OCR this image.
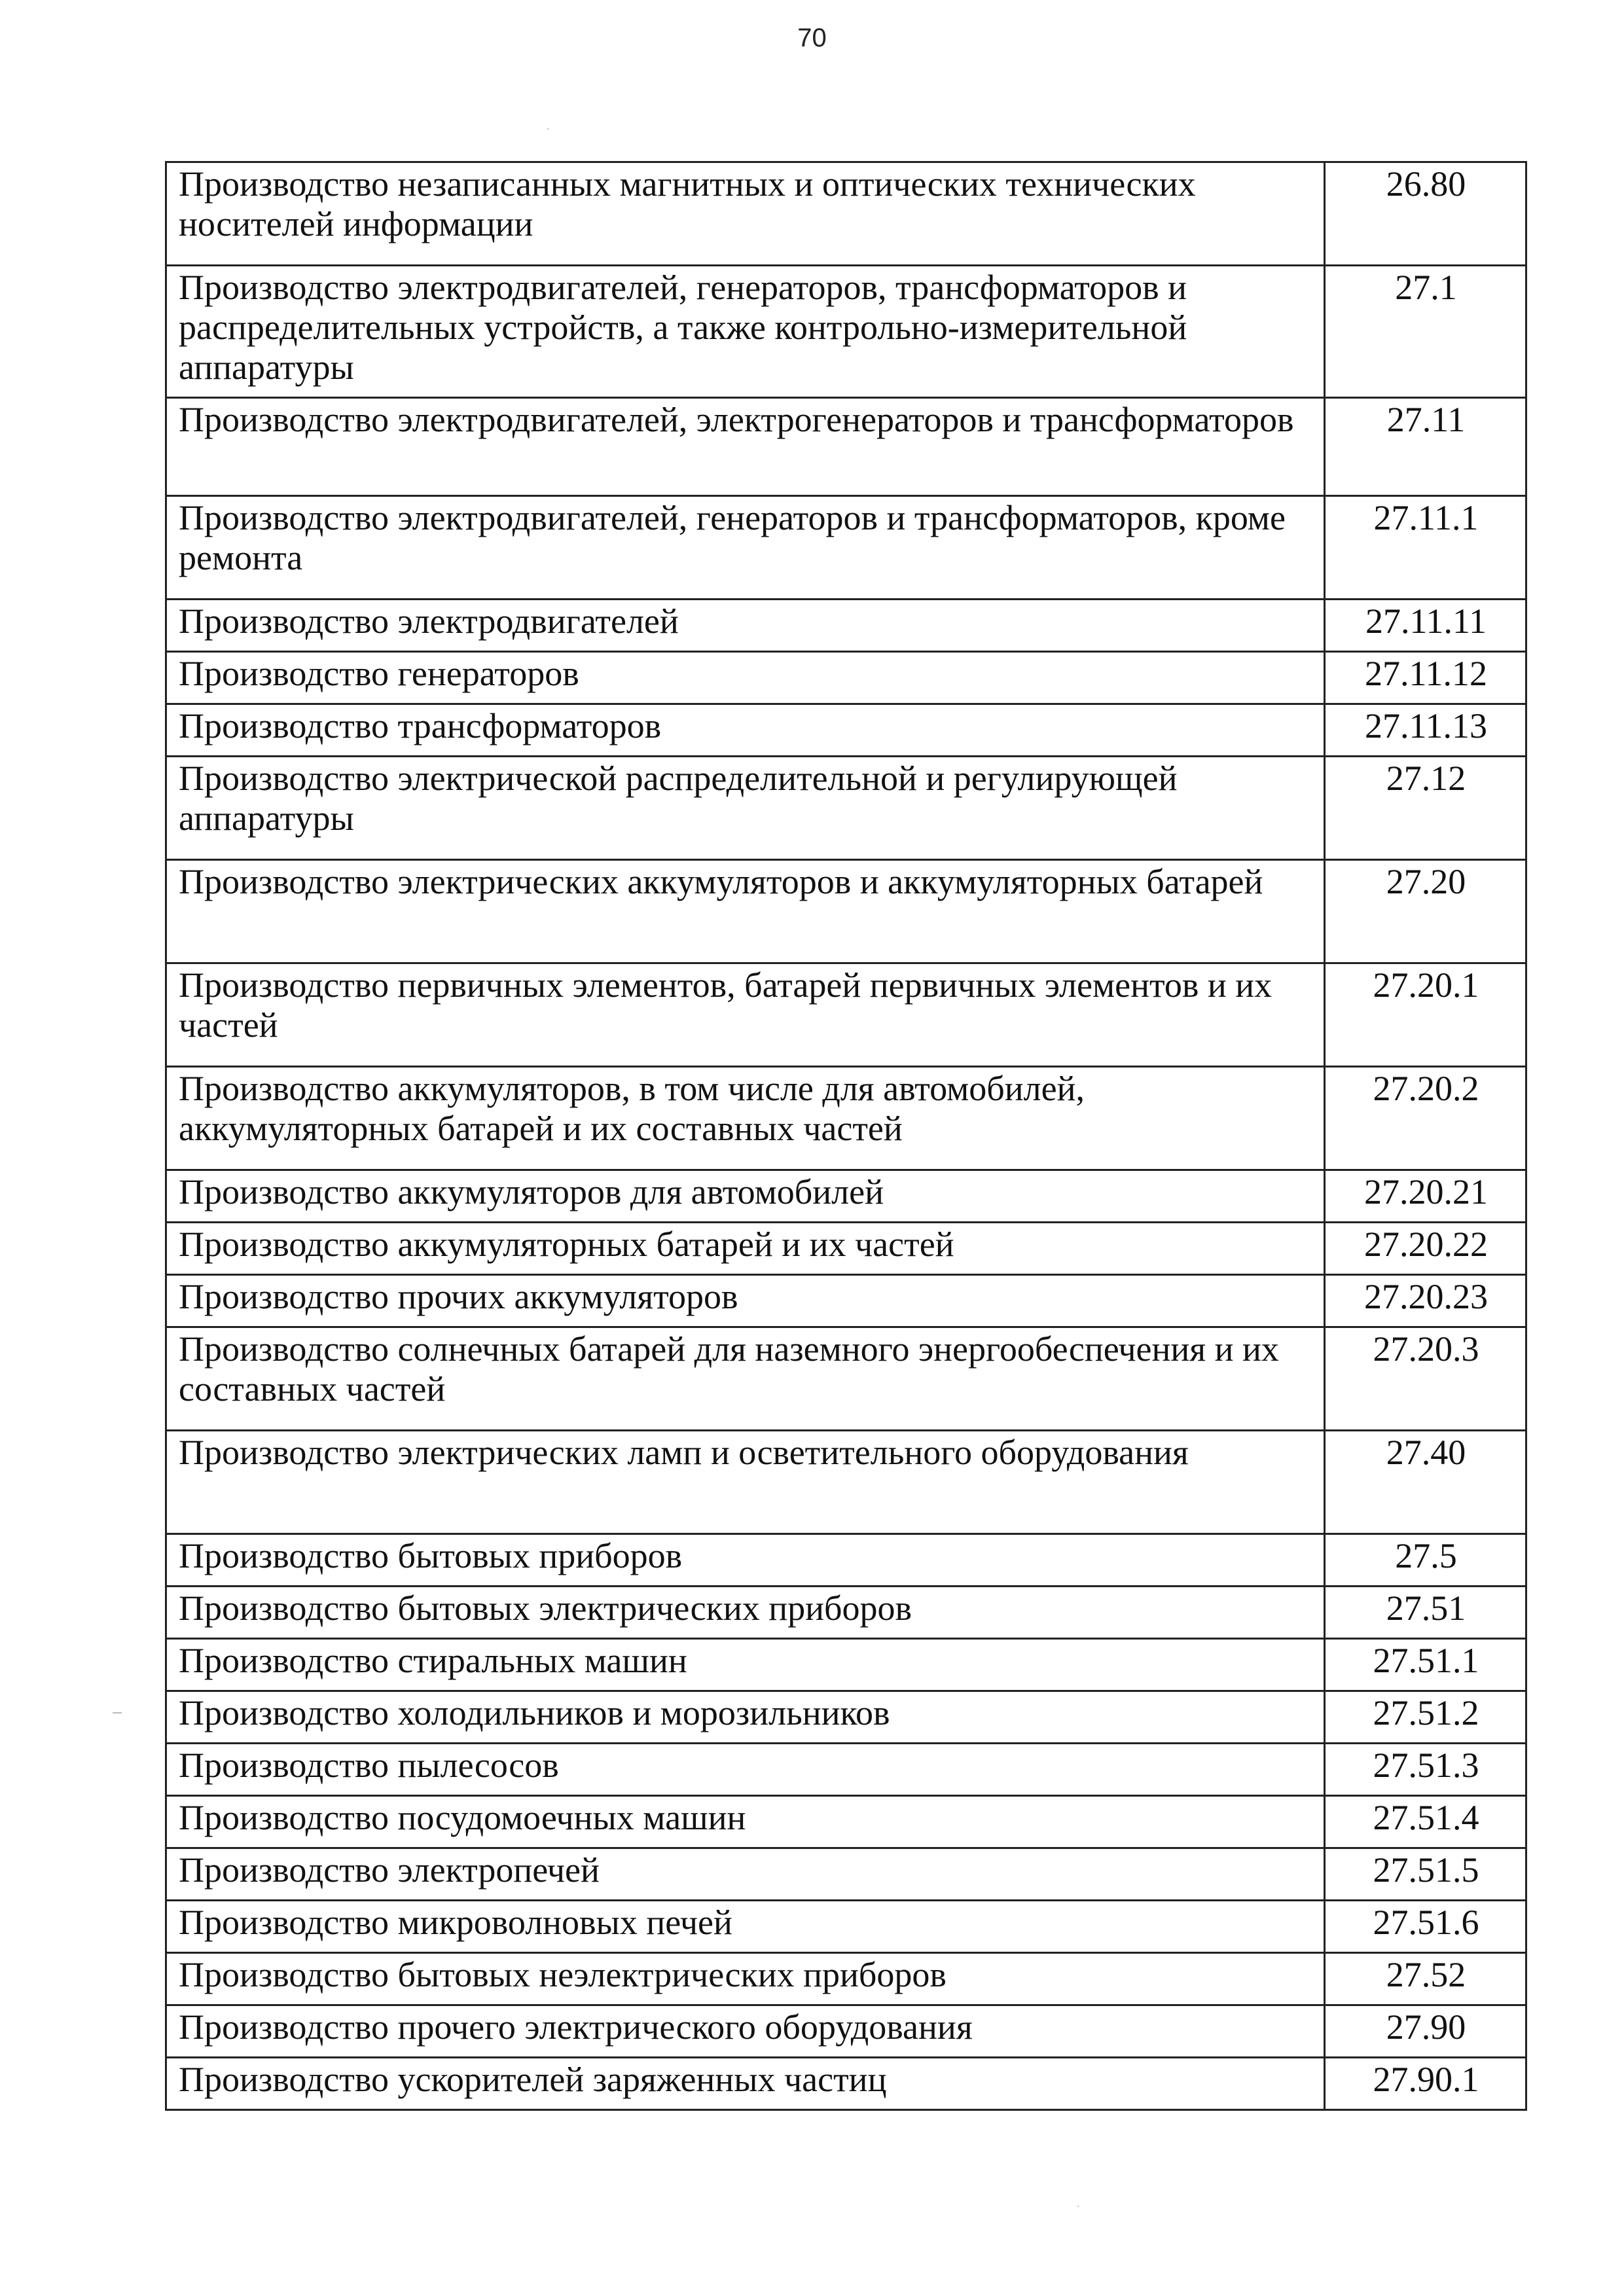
70
Производство незаписанных магнитных и оптических технических носителей информации	26.80
Производство электродвигателей, генераторов, трансформаторов и распределительных устройств, а также контрольно-измерительной аппаратуры	27.1
Производство электродвигателей, электрогенераторов и трансформаторов	27.11
Производство электродвигателей, генераторов и трансформаторов, кроме ремонта	27.11.1
Производство электродвигателей	27.11.11
Производство генераторов	27.11.12
Производство трансформаторов	27.11.13
Производство электрической распределительной и регулирующей аппаратуры	27.12
Производство электрических аккумуляторов и аккумуляторных батарей	27.20
Производство первичных элементов, батарей первичных элементов и их частей	27.20.1
Производство аккумуляторов, в том числе для автомобилей, аккумуляторных батарей и их составных частей	27.20.2
Производство аккумуляторов для автомобилей	27.20.21
Производство аккумуляторных батарей и их частей	27.20.22
Производство прочих аккумуляторов	27.20.23
Производство солнечных батарей для наземного энергообеспечения и их составных частей	27.20.3
Производство электрических ламп и осветительного оборудования	27.40
Производство бытовых приборов	27.5
Производство бытовых электрических приборов	27.51
Производство стиральных машин	27.51.1
Производство холодильников и морозильников	27.51.2
Производство пылесосов	27.51.3
Производство посудомоечных машин	27.51.4
Производство электропечей	27.51.5
Производство микроволновых печей	27.51.6
Производство бытовых неэлектрических приборов	27.52
Производство прочего электрического оборудования	27.90
Производство ускорителей заряженных частиц	27.90.1
